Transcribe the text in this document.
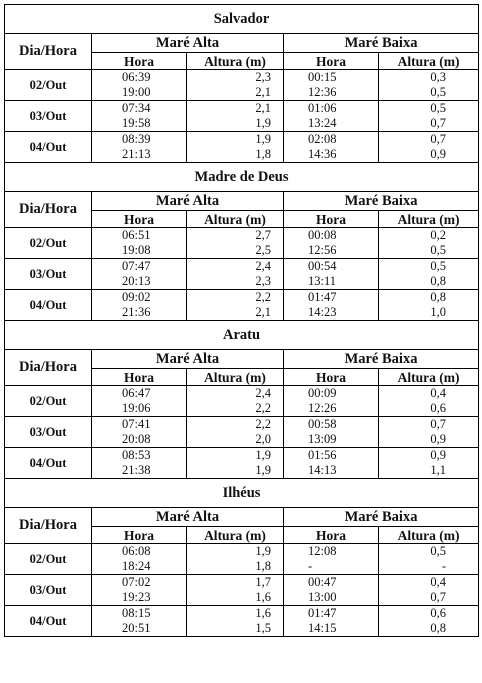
Salvador				
Dia/Hora	Maré Alta		Maré Baixa	
	Hora	Altura (m)	Hora	Altura (m)
02/Out	06:39	2,3	00:15	0,3
	19:00	2,1	12:36	0,5
03/Out	07:34	2,1	01:06	0,5
	19:58	1,9	13:24	0,7
04/Out	08:39	1,9	02:08	0,7
	21:13	1,8	14:36	0,9
Madre de Deus				
Dia/Hora	Maré Alta		Maré Baixa	
	Hora	Altura (m)	Hora	Altura (m)
02/Out	06:51	2,7	00:08	0,2
	19:08	2,5	12:56	0,5
03/Out	07:47	2,4	00:54	0,5
	20:13	2,3	13:11	0,8
04/Out	09:02	2,2	01:47	0,8
	21:36	2,1	14:23	1,0
Aratu				
Dia/Hora	Maré Alta		Maré Baixa	
	Hora	Altura (m)	Hora	Altura (m)
02/Out	06:47	2,4	00:09	0,4
	19:06	2,2	12:26	0,6
03/Out	07:41	2,2	00:58	0,7
	20:08	2,0	13:09	0,9
04/Out	08:53	1,9	01:56	0,9
	21:38	1,9	14:13	1,1
Ilhéus				
Dia/Hora	Maré Alta		Maré Baixa	
	Hora	Altura (m)	Hora	Altura (m)
02/Out	06:08	1,9	12:08	0,5
	18:24	1,8	-	-
03/Out	07:02	1,7	00:47	0,4
	19:23	1,6	13:00	0,7
04/Out	08:15	1,6	01:47	0,6
	20:51	1,5	14:15	0,8
